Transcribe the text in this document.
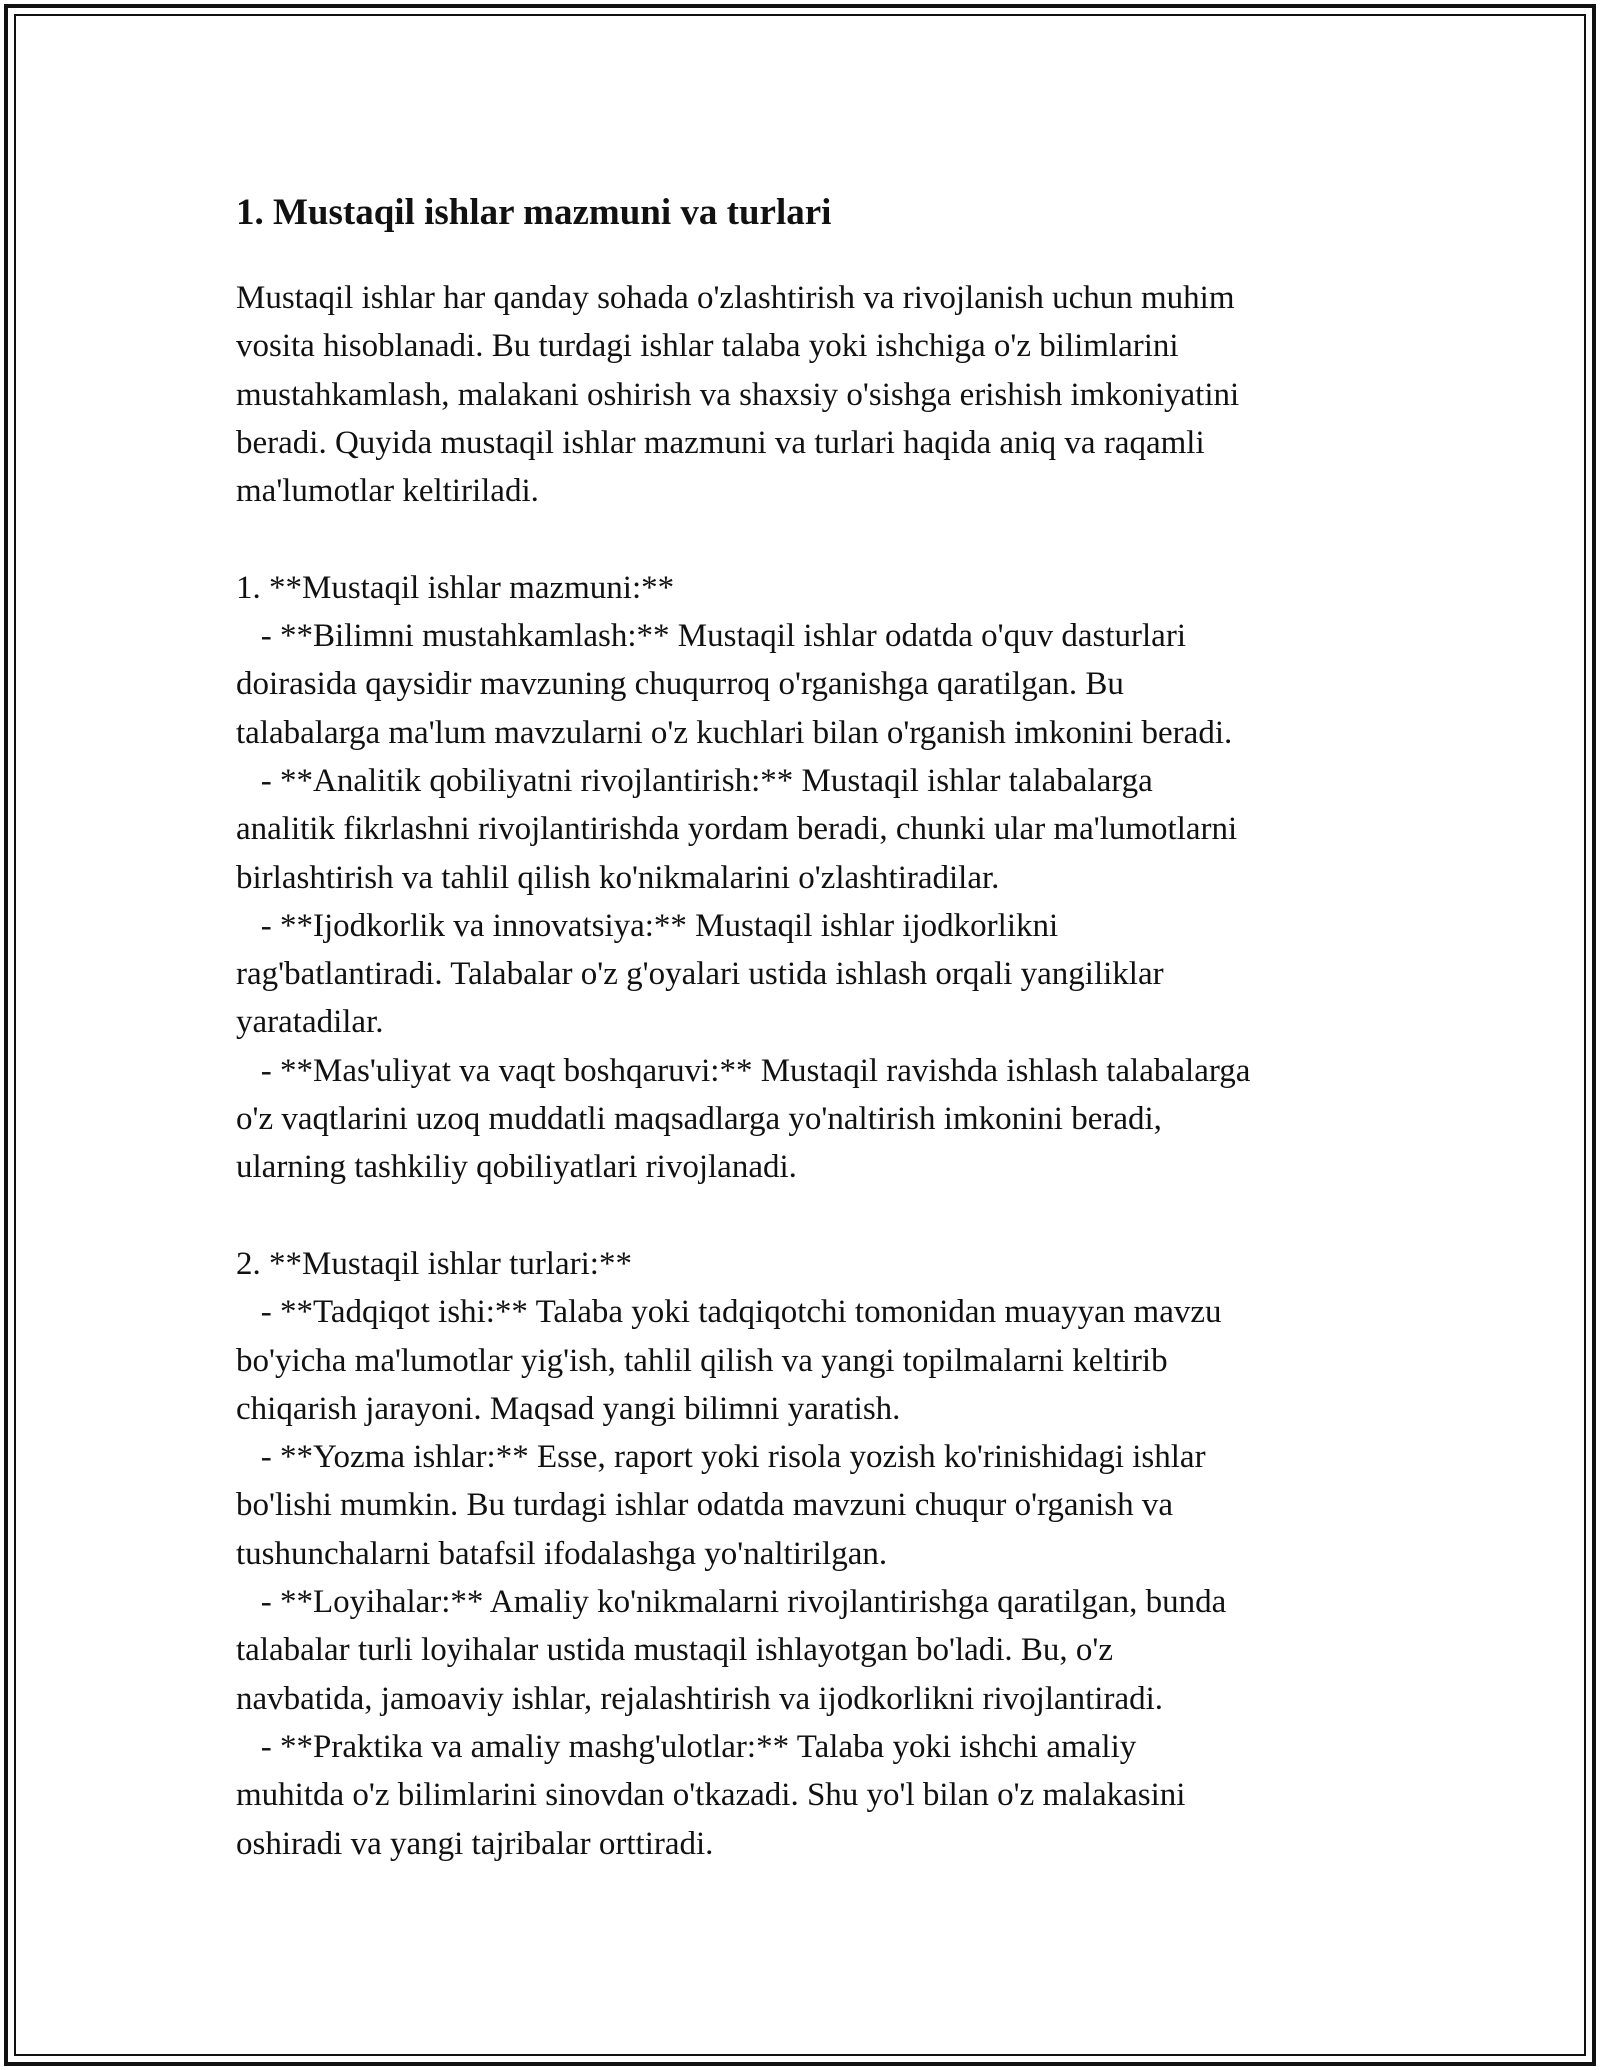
1. Mustaqil ishlar mazmuni va turlari

Mustaqil ishlar har qanday sohada o'zlashtirish va rivojlanish uchun muhim

vosita hisoblanadi. Bu turdagi ishlar talaba yoki ishchiga o'z bilimlarini

mustahkamlash, malakani oshirish va shaxsiy o'sishga erishish imkoniyatini

beradi. Quyida mustaqil ishlar mazmuni va turlari haqida aniq va raqamli

ma'lumotlar keltiriladi.

1. **Mustaqil ishlar mazmuni:**

- **Bilimni mustahkamlash:** Mustaqil ishlar odatda o'quv dasturlari

doirasida qaysidir mavzuning chuqurroq o'rganishga qaratilgan. Bu

talabalarga ma'lum mavzularni o'z kuchlari bilan o'rganish imkonini beradi.

- **Analitik qobiliyatni rivojlantirish:** Mustaqil ishlar talabalarga

analitik fikrlashni rivojlantirishda yordam beradi, chunki ular ma'lumotlarni

birlashtirish va tahlil qilish ko'nikmalarini o'zlashtiradilar.

- **Ijodkorlik va innovatsiya:** Mustaqil ishlar ijodkorlikni

rag'batlantiradi. Talabalar o'z g'oyalari ustida ishlash orqali yangiliklar

yaratadilar.

- **Mas'uliyat va vaqt boshqaruvi:** Mustaqil ravishda ishlash talabalarga

o'z vaqtlarini uzoq muddatli maqsadlarga yo'naltirish imkonini beradi,

ularning tashkiliy qobiliyatlari rivojlanadi.

2. **Mustaqil ishlar turlari:**

- **Tadqiqot ishi:** Talaba yoki tadqiqotchi tomonidan muayyan mavzu

bo'yicha ma'lumotlar yig'ish, tahlil qilish va yangi topilmalarni keltirib

chiqarish jarayoni. Maqsad yangi bilimni yaratish.

- **Yozma ishlar:** Esse, raport yoki risola yozish ko'rinishidagi ishlar

bo'lishi mumkin. Bu turdagi ishlar odatda mavzuni chuqur o'rganish va

tushunchalarni batafsil ifodalashga yo'naltirilgan.

- **Loyihalar:** Amaliy ko'nikmalarni rivojlantirishga qaratilgan, bunda

talabalar turli loyihalar ustida mustaqil ishlayotgan bo'ladi. Bu, o'z

navbatida, jamoaviy ishlar, rejalashtirish va ijodkorlikni rivojlantiradi.

- **Praktika va amaliy mashg'ulotlar:** Talaba yoki ishchi amaliy

muhitda o'z bilimlarini sinovdan o'tkazadi. Shu yo'l bilan o'z malakasini

oshiradi va yangi tajribalar orttiradi.
